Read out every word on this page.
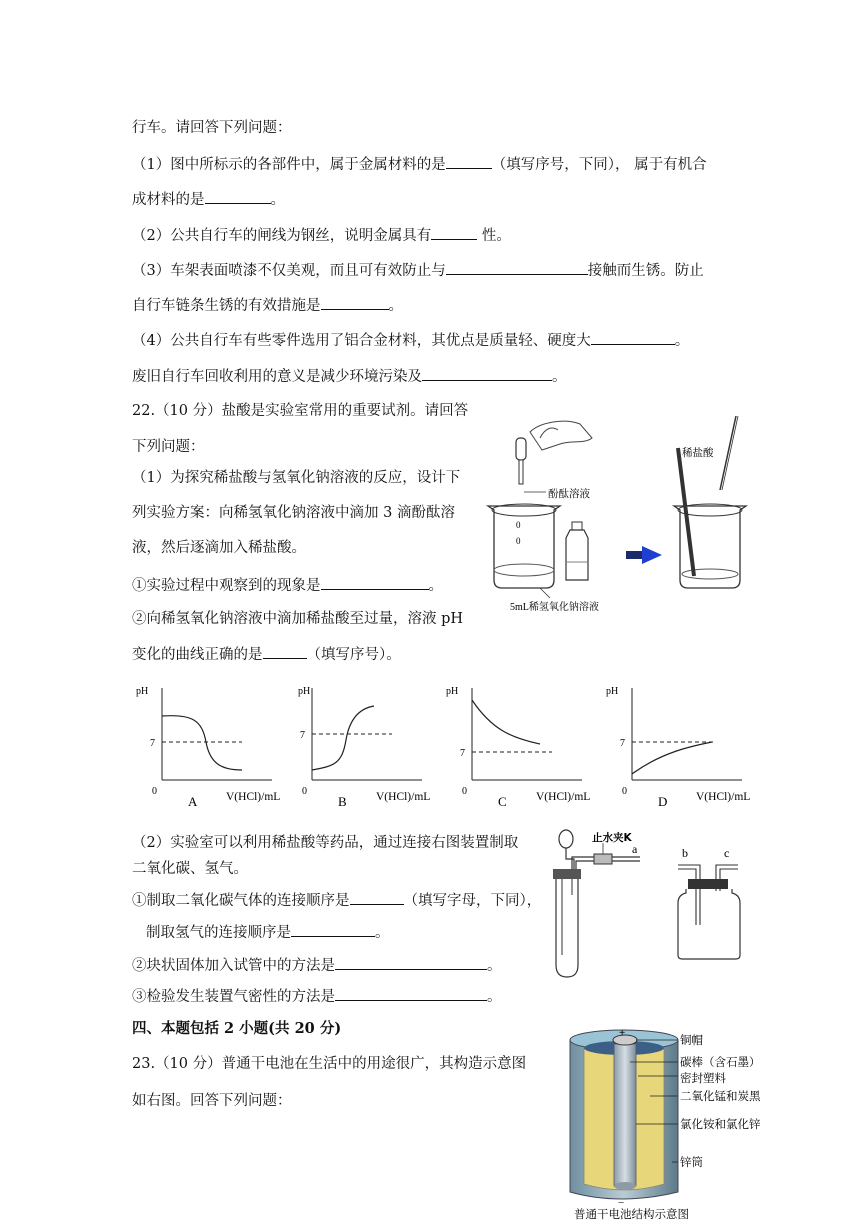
行车。请回答下列问题：
（1）图中所标示的各部件中，属于金属材料的是	（填写序号，下同）， 属于有机合
成材料的是	。
（2）公共自行车的闸线为钢丝，说明金属具有	性。
（3）车架表面喷漆不仅美观，而且可有效防止与	接触而生锈。防止
自行车链条生锈的有效措施是	。
（4）公共自行车有些零件选用了铝合金材料，其优点是质量轻、硬度大	。
废旧自行车回收利用的意义是减少环境污染及	。
22.（10 分）盐酸是实验室常用的重要试剂。请回答
下列问题：
（1）为探究稀盐酸与氢氧化钠溶液的反应，设计下
列实验方案：向稀氢氧化钠溶液中滴加 3 滴酚酞溶
液，然后逐滴加入稀盐酸。
①实验过程中观察到的现象是	。
②向稀氢氧化钠溶液中滴加稀盐酸至过量，溶液 pH
变化的曲线正确的是	（填写序号）。
酚酞溶液
0
0
5mL稀氢氧化钠溶液
稀盐酸
pH
7
0
A V(HCl)/mL
pH
7
0
B	V(HCl)/mL
pH
7
0
C	V(HCl)/mL
pH
7
0
D V(HCl)/mL
（2）实验室可以利用稀盐酸等药品，通过连接右图装置制取
二氧化碳、氢气。
①制取二氧化碳气体的连接顺序是	（填写字母，下同），
制取氢气的连接顺序是	。
②块状固体加入试管中的方法是	。
③检验发生装置气密性的方法是	。
止水夹K
a	b	c
四、本题包括 2 小题(共 20 分)
23.（10 分）普通干电池在生活中的用途很广，其构造示意图
如右图。回答下列问题：
+
−
铜帽
碳棒（含石墨）
密封塑料
二氧化锰和炭黑
氯化铵和氯化锌
锌筒
普通干电池结构示意图
